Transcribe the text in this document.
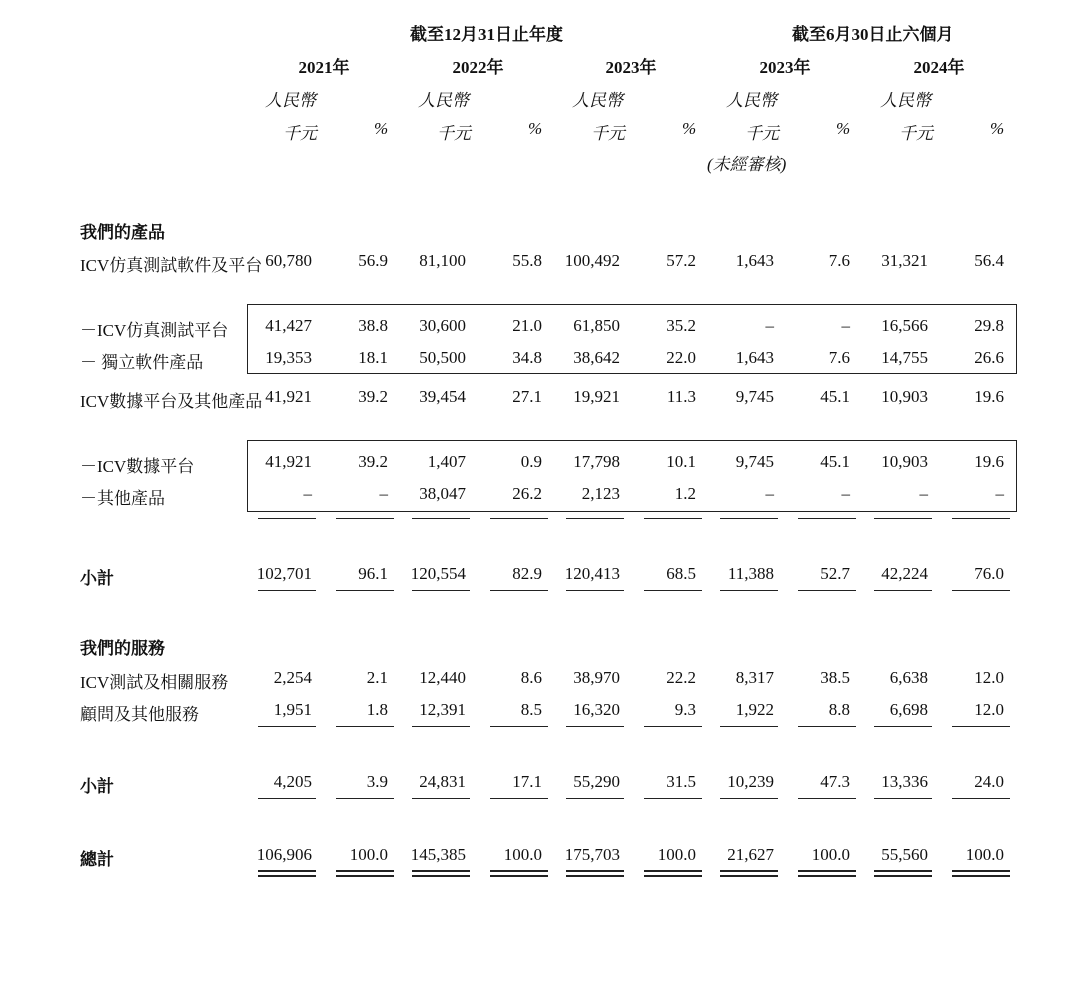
截至12月31日止年度	截至6月30日止六個月
2021年	2022年	2023年	2023年	2024年
人民幣	人民幣	人民幣	人民幣	人民幣
千元	%	千元	%	千元	%	千元	%	千元	%
(未經審核)
我們的產品
我們的服務
ICV仿真測試軟件及平台 60,780	56.9	81,100	55.8	100,492	57.2	1,643	7.6	31,321	56.4
－ICV仿真測試平台	41,427	38.8	30,600	21.0	61,850	35.2	–	–	16,566	29.8
－ 獨立軟件產品	19,353	18.1	50,500	34.8	38,642	22.0	1,643	7.6	14,755	26.6
ICV數據平台及其他產品 41,921	39.2	39,454	27.1	19,921	11.3	9,745	45.1	10,903	19.6
－ICV數據平台	41,921	39.2	1,407	0.9	17,798	10.1	9,745	45.1	10,903	19.6
－其他產品	–	–	38,047	26.2	2,123	1.2	–	–	–	–
小計	102,701	96.1	120,554	82.9	120,413	68.5	11,388	52.7	42,224	76.0
ICV測試及相關服務	2,254	2.1	12,440	8.6	38,970	22.2	8,317	38.5	6,638	12.0
顧問及其他服務	1,951	1.8	12,391	8.5	16,320	9.3	1,922	8.8	6,698	12.0
小計	4,205	3.9	24,831	17.1	55,290	31.5	10,239	47.3	13,336	24.0
總計	106,906	100.0	145,385	100.0	175,703	100.0	21,627	100.0	55,560	100.0
